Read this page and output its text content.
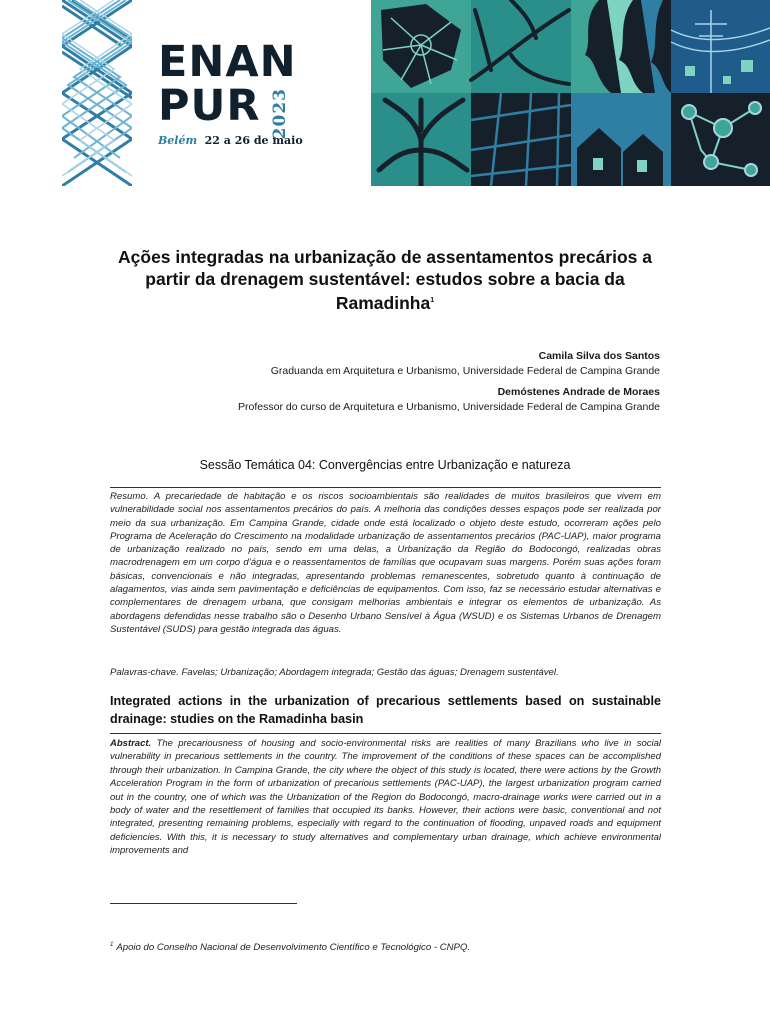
ENAN
PUR 2023
Belém 22 a 26 de maio
Ações integradas na urbanização de assentamentos precários a partir da drenagem sustentável: estudos sobre a bacia da Ramadinha$^1$
Camila Silva dos Santos
Graduanda em Arquitetura e Urbanismo, Universidade Federal de Campina Grande
Demóstenes Andrade de Moraes
Professor do curso de Arquitetura e Urbanismo, Universidade Federal de Campina Grande
Sessão Temática 04: Convergências entre Urbanização e natureza
Resumo. A precariedade de habitação e os riscos socioambientais são realidades de muitos brasileiros que vivem em vulnerabilidade social nos assentamentos precários do país. A melhoria das condições desses espaços pode ser realizada por meio da sua urbanização. Em Campina Grande, cidade onde está localizado o objeto deste estudo, ocorreram ações pelo Programa de Aceleração do Crescimento na modalidade urbanização de assentamentos precários (PAC-UAP), maior programa de urbanização realizado no país, sendo em uma delas, a Urbanização da Região do Bodocongó, realizadas obras macrodrenagem em um corpo d’água e o reassentamentos de famílias que ocupavam suas margens. Porém suas ações foram básicas, convencionais e não integradas, apresentando problemas remanescentes, sobretudo quanto à continuação de alagamentos, vias ainda sem pavimentação e deficiências de equipamentos. Com isso, faz se necessário estudar alternativas e complementares de drenagem urbana, que consigam melhorias ambientais e integrar os elementos de urbanização. As abordagens defendidas nesse trabalho são o Desenho Urbano Sensível à Água (WSUD) e os Sistemas Urbanos de Drenagem Sustentável (SUDS) para gestão integrada das águas.
Palavras-chave. Favelas; Urbanização; Abordagem integrada; Gestão das águas; Drenagem sustentável.
Integrated actions in the urbanization of precarious settlements based on sustainable drainage: studies on the Ramadinha basin
Abstract. The precariousness of housing and socio-environmental risks are realities of many Brazilians who live in social vulnerability in precarious settlements in the country. The improvement of the conditions of these spaces can be accomplished through their urbanization. In Campina Grande, the city where the object of this study is located, there were actions by the Growth Acceleration Program in the form of urbanization of precarious settlements (PAC-UAP), the largest urbanization program carried out in the country, one of which was the Urbanization of the Region do Bodocongó, macro-drainage works were carried out in a body of water and the resettlement of families that occupied its banks. However, their actions were basic, conventional and not integrated, presenting remaining problems, especially with regard to the continuation of flooding, unpaved roads and equipment deficiencies. With this, it is necessary to study alternatives and complementary urban drainage, which achieve environmental improvements and
$^1$ Apoio do Conselho Nacional de Desenvolvimento Científico e Tecnológico - CNPQ.
